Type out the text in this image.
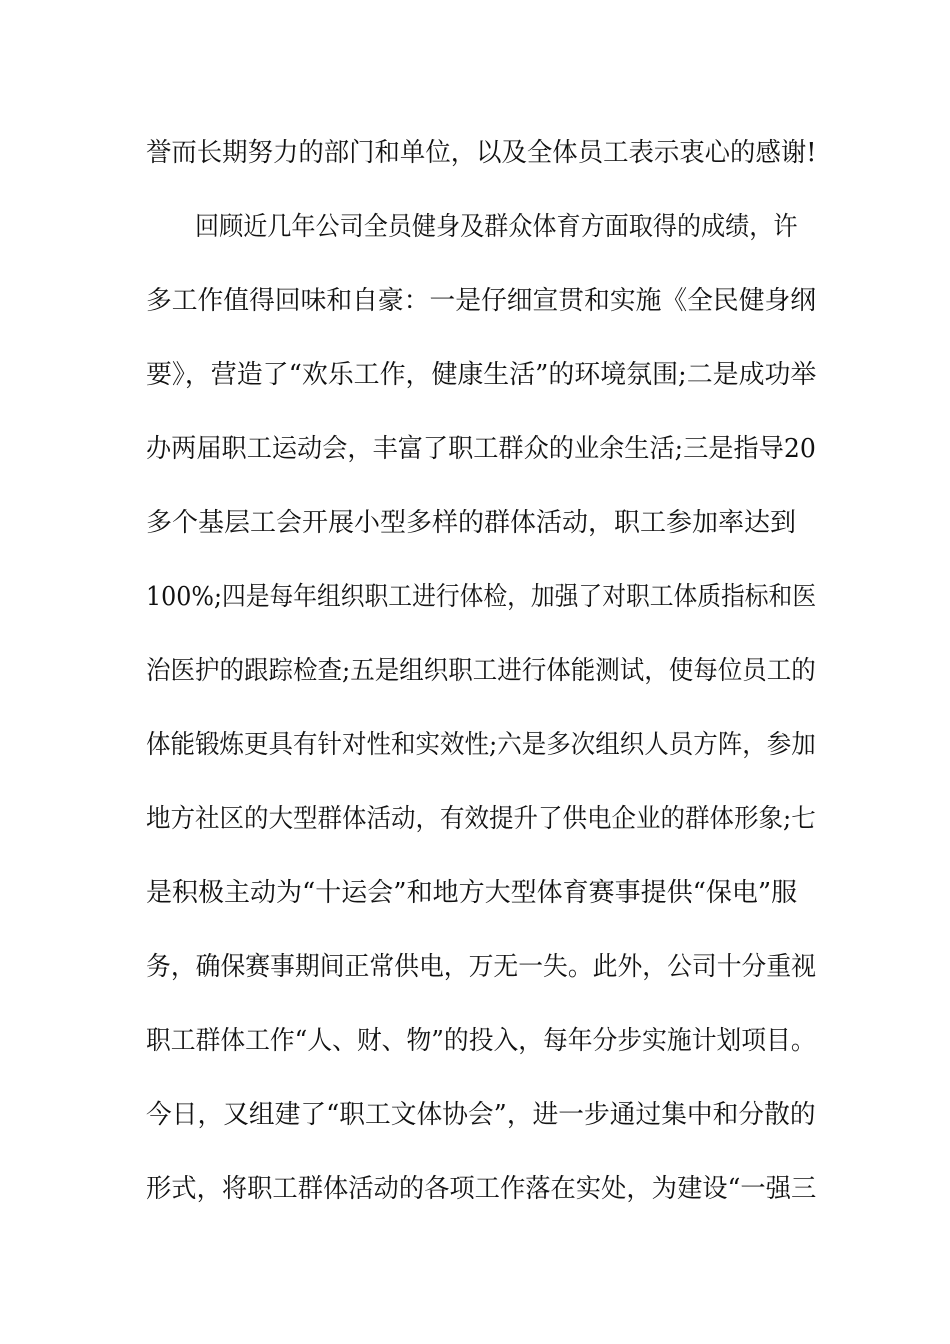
誉而长期努力的部门和单位，以及全体员工表示衷心的感谢!
回顾近几年公司全员健身及群众体育方面取得的成绩，许
多工作值得回味和自豪：一是仔细宣贯和实施《全民健身纲
要》，营造了“欢乐工作，健康生活”的环境氛围;二是成功举
办两届职工运动会，丰富了职工群众的业余生活;三是指导20
多个基层工会开展小型多样的群体活动，职工参加率达到
100%;四是每年组织职工进行体检，加强了对职工体质指标和医
治医护的跟踪检查;五是组织职工进行体能测试，使每位员工的
体能锻炼更具有针对性和实效性;六是多次组织人员方阵，参加
地方社区的大型群体活动，有效提升了供电企业的群体形象;七
是积极主动为“十运会”和地方大型体育赛事提供“保电”服
务，确保赛事期间正常供电，万无一失。此外，公司十分重视
职工群体工作“人、财、物”的投入，每年分步实施计划项目。
今日，又组建了“职工文体协会”，进一步通过集中和分散的
形式，将职工群体活动的各项工作落在实处，为建设“一强三
